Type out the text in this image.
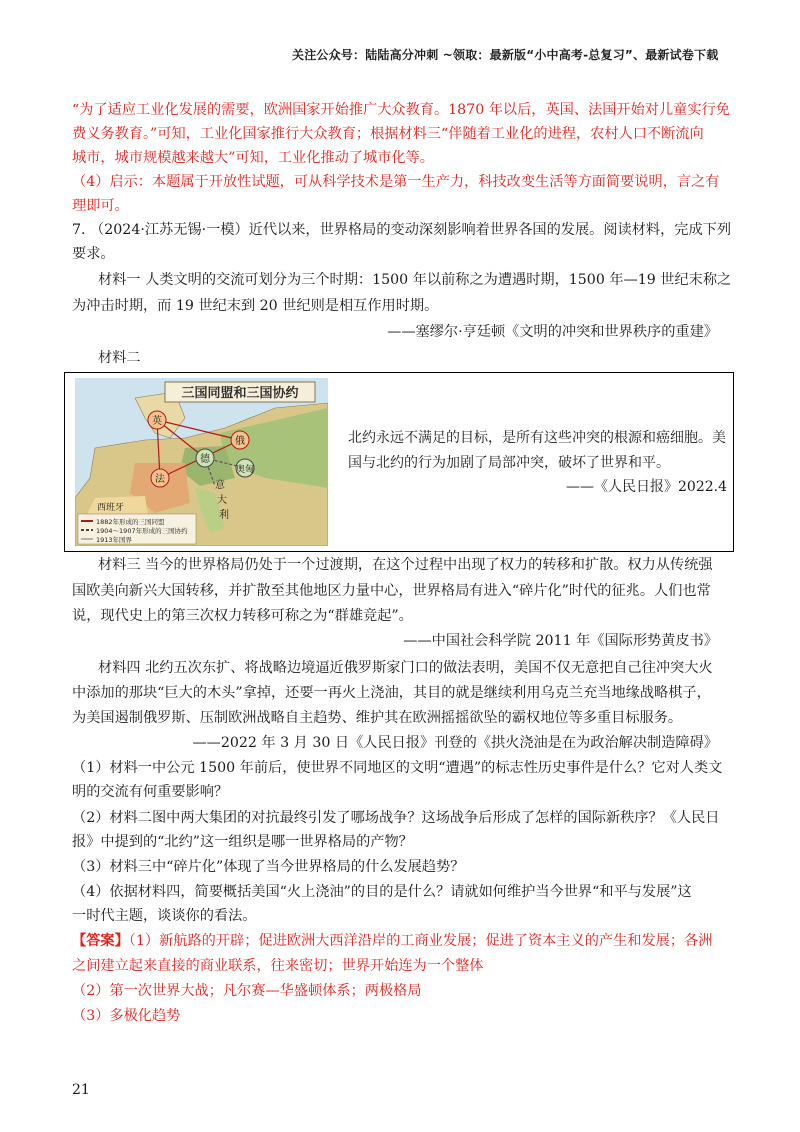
关注公众号：陆陆高分冲刺 ~领取：最新版“小中高考-总复习”、最新试卷下载
“为了适应工业化发展的需要，欧洲国家开始推广大众教育。1870 年以后，英国、法国开始对儿童实行免
费义务教育。”可知，工业化国家推行大众教育；根据材料三“伴随着工业化的进程，农村人口不断流向
城市，城市规模越来越大”可知，工业化推动了城市化等。
（4）启示：本题属于开放性试题，可从科学技术是第一生产力，科技改变生活等方面简要说明，言之有
理即可。
7. （2024·江苏无锡·一模）近代以来，世界格局的变动深刻影响着世界各国的发展。阅读材料，完成下列
要求。
材料一 人类文明的交流可划分为三个时期：1500 年以前称之为遭遇时期，1500 年—19 世纪末称之
为冲击时期，而 19 世纪末到 20 世纪则是相互作用时期。
——塞缪尔·亨廷顿《文明的冲突和世界秩序的重建》
材料二
三国同盟和三国协约
英
德
俄
法
奥匈
意
大
利
西班牙
1882年形成的三国同盟
1904～1907年形成的三国协约
1913年国界
北约永远不满足的目标，是所有这些冲突的根源和癌细胞。美
国与北约的行为加剧了局部冲突，破坏了世界和平。
——《人民日报》2022.4
材料三 当今的世界格局仍处于一个过渡期，在这个过程中出现了权力的转移和扩散。权力从传统强
国欧美向新兴大国转移，并扩散至其他地区力量中心，世界格局有进入“碎片化”时代的征兆。人们也常
说，现代史上的第三次权力转移可称之为“群雄竞起”。
——中国社会科学院 2011 年《国际形势黄皮书》
材料四 北约五次东扩、将战略边境逼近俄罗斯家门口的做法表明，美国不仅无意把自己往冲突大火
中添加的那块“巨大的木头”拿掉，还要一再火上浇油，其目的就是继续利用乌克兰充当地缘战略棋子，
为美国遏制俄罗斯、压制欧洲战略自主趋势、维护其在欧洲摇摇欲坠的霸权地位等多重目标服务。
——2022 年 3 月 30 日《人民日报》刊登的《拱火浇油是在为政治解决制造障碍》
（1）材料一中公元 1500 年前后，使世界不同地区的文明“遭遇”的标志性历史事件是什么？它对人类文
明的交流有何重要影响？
（2）材料二图中两大集团的对抗最终引发了哪场战争？这场战争后形成了怎样的国际新秩序？《人民日
报》中提到的“北约”这一组织是哪一世界格局的产物？
（3）材料三中“碎片化”体现了当今世界格局的什么发展趋势？
（4）依据材料四，简要概括美国“火上浇油”的目的是什么？请就如何维护当今世界“和平与发展”这
一时代主题，谈谈你的看法。
【答案】（1）新航路的开辟；促进欧洲大西洋沿岸的工商业发展；促进了资本主义的产生和发展；各洲
之间建立起来直接的商业联系，往来密切；世界开始连为一个整体
（2）第一次世界大战；凡尔赛—华盛顿体系；两极格局
（3）多极化趋势
21
